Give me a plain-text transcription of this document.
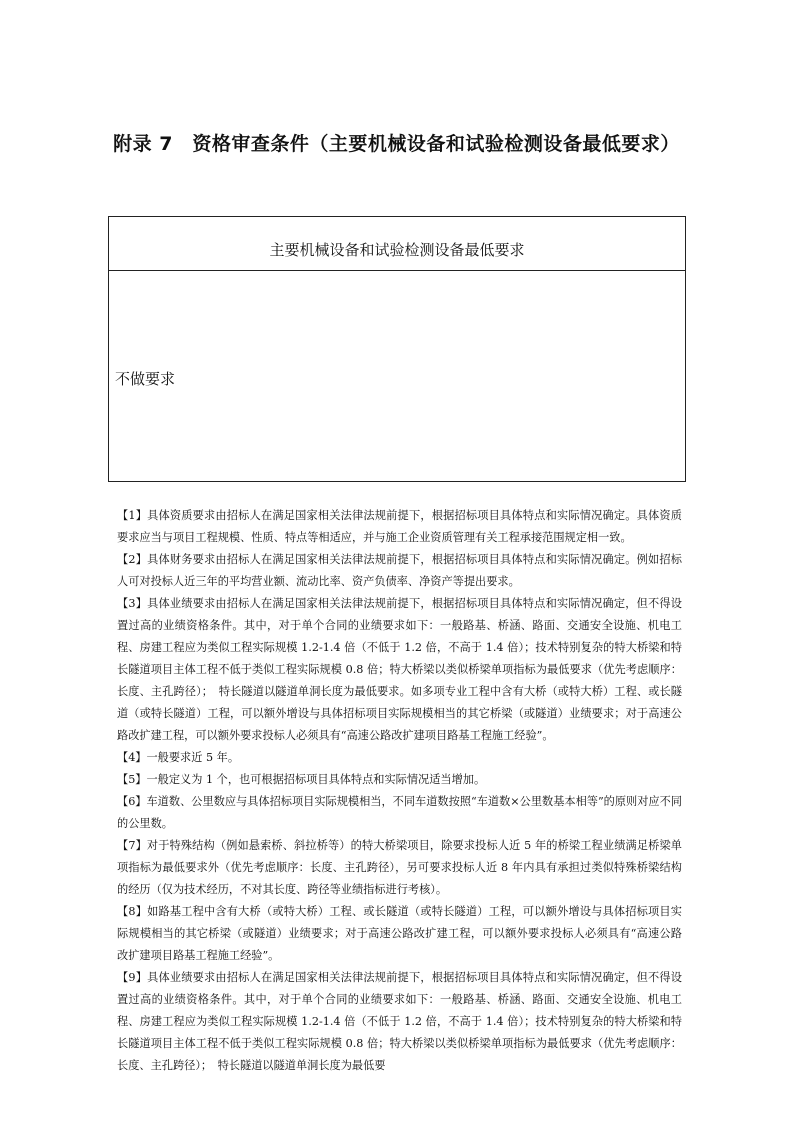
附录 7　资格审查条件（主要机械设备和试验检测设备最低要求）
主要机械设备和试验检测设备最低要求
不做要求

【1】具体资质要求由招标人在满足国家相关法律法规前提下，根据招标项目具体特点和实际情况确定。具体资质要求应当与项目工程规模、性质、特点等相适应，并与施工企业资质管理有关工程承接范围规定相一致。

【2】具体财务要求由招标人在满足国家相关法律法规前提下，根据招标项目具体特点和实际情况确定。例如招标人可对投标人近三年的平均营业额、流动比率、资产负债率、净资产等提出要求。

【3】具体业绩要求由招标人在满足国家相关法律法规前提下，根据招标项目具体特点和实际情况确定，但不得设置过高的业绩资格条件。其中，对于单个合同的业绩要求如下：一般路基、桥涵、路面、交通安全设施、机电工程、房建工程应为类似工程实际规模 1.2-1.4 倍（不低于 1.2 倍，不高于 1.4 倍）；技术特别复杂的特大桥梁和特长隧道项目主体工程不低于类似工程实际规模 0.8 倍；特大桥梁以类似桥梁单项指标为最低要求（优先考虑顺序：长度、主孔跨径）；　特长隧道以隧道单洞长度为最低要求。如多项专业工程中含有大桥（或特大桥）工程、或长隧道（或特长隧道）工程，可以额外增设与具体招标项目实际规模相当的其它桥梁（或隧道）业绩要求；对于高速公路改扩建工程，可以额外要求投标人必须具有“高速公路改扩建项目路基工程施工经验”。

【4】一般要求近 5 年。

【5】一般定义为 1 个，也可根据招标项目具体特点和实际情况适当增加。

【6】车道数、公里数应与具体招标项目实际规模相当，不同车道数按照“车道数×公里数基本相等”的原则对应不同的公里数。

【7】对于特殊结构（例如悬索桥、斜拉桥等）的特大桥梁项目，除要求投标人近 5 年的桥梁工程业绩满足桥梁单项指标为最低要求外（优先考虑顺序：长度、主孔跨径），另可要求投标人近 8 年内具有承担过类似特殊桥梁结构的经历（仅为技术经历，不对其长度、跨径等业绩指标进行考核）。

【8】如路基工程中含有大桥（或特大桥）工程、或长隧道（或特长隧道）工程，可以额外增设与具体招标项目实际规模相当的其它桥梁（或隧道）业绩要求；对于高速公路改扩建工程，可以额外要求投标人必须具有“高速公路改扩建项目路基工程施工经验”。

【9】具体业绩要求由招标人在满足国家相关法律法规前提下，根据招标项目具体特点和实际情况确定，但不得设置过高的业绩资格条件。其中，对于单个合同的业绩要求如下：一般路基、桥涵、路面、交通安全设施、机电工程、房建工程应为类似工程实际规模 1.2-1.4 倍（不低于 1.2 倍，不高于 1.4 倍）；技术特别复杂的特大桥梁和特长隧道项目主体工程不低于类似工程实际规模 0.8 倍；特大桥梁以类似桥梁单项指标为最低要求（优先考虑顺序：长度、主孔跨径）；　特长隧道以隧道单洞长度为最低要
